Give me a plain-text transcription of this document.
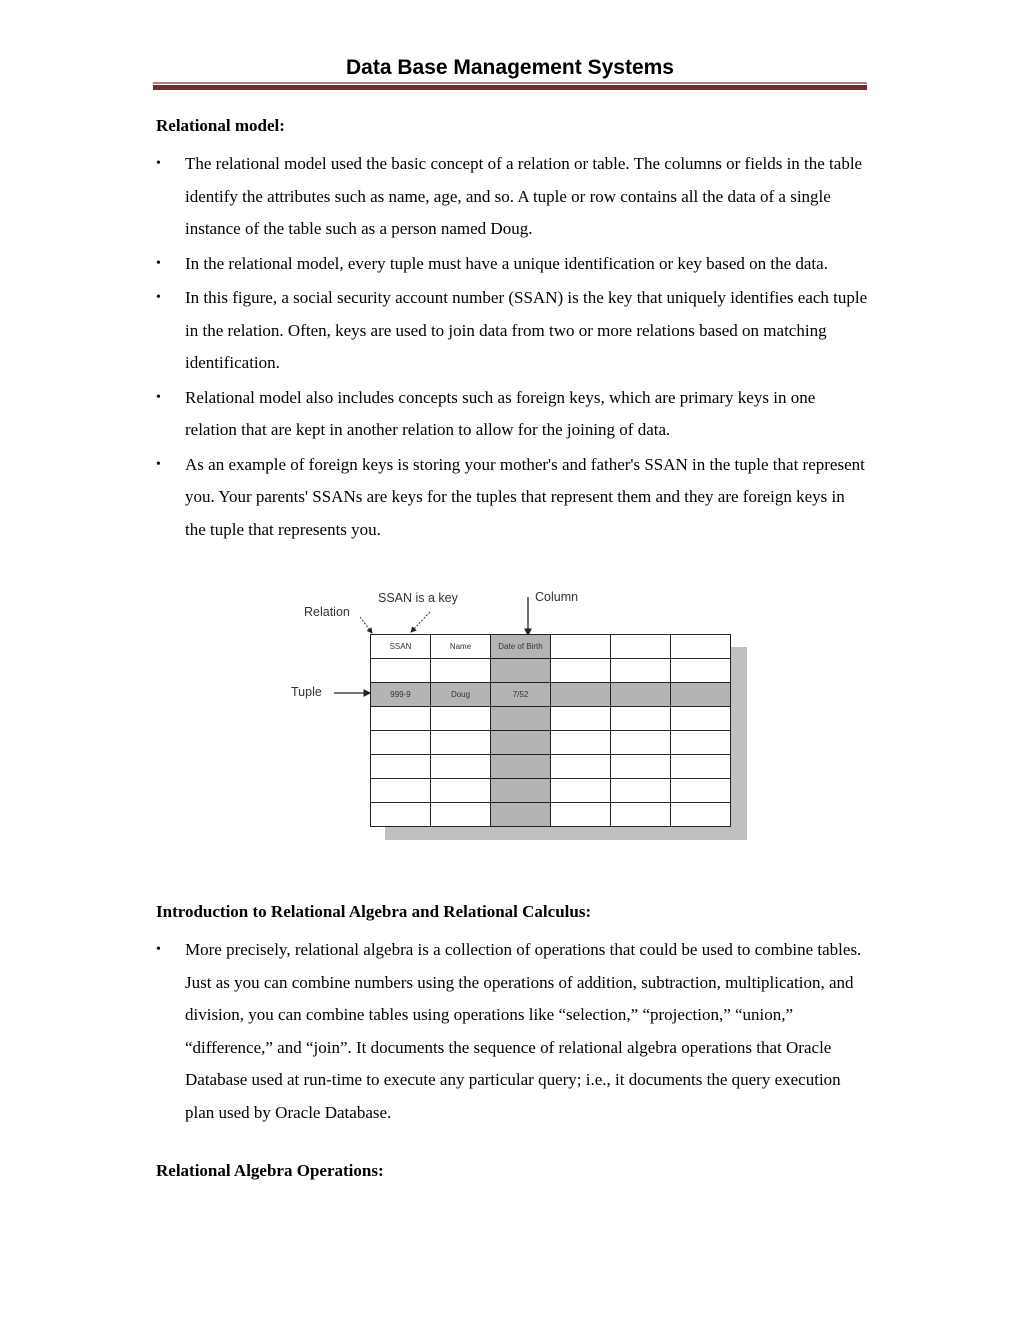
Data Base Management Systems
Relational model:
• The relational model used the basic concept of a relation or table. The columns or fields in the table identify the attributes such as name, age, and so. A tuple or row contains all the data of a single instance of the table such as a person named Doug.
• In the relational model, every tuple must have a unique identification or key based on the data.
• In this figure, a social security account number (SSAN) is the key that uniquely identifies each tuple in the relation. Often, keys are used to join data from two or more relations based on matching identification.
• Relational model also includes concepts such as foreign keys, which are primary keys in one relation that are kept in another relation to allow for the joining of data.
• As an example of foreign keys is storing your mother's and father's SSAN in the tuple that represent you. Your parents' SSANs are keys for the tuples that represent them and they are foreign keys in the tuple that represents you.
Relation
SSAN is a key	Column
Tuple
SSAN	Name	Date of Birth			

999-9	Doug	7/52			

Introduction to Relational Algebra and Relational Calculus:
• More precisely, relational algebra is a collection of operations that could be used to combine tables. Just as you can combine numbers using the operations of addition, subtraction, multiplication, and division, you can combine tables using operations like “selection,” “projection,” “union,” “difference,” and “join”. It documents the sequence of relational algebra operations that Oracle Database used at run-time to execute any particular query; i.e., it documents the query execution plan used by Oracle Database.
Relational Algebra Operations:
